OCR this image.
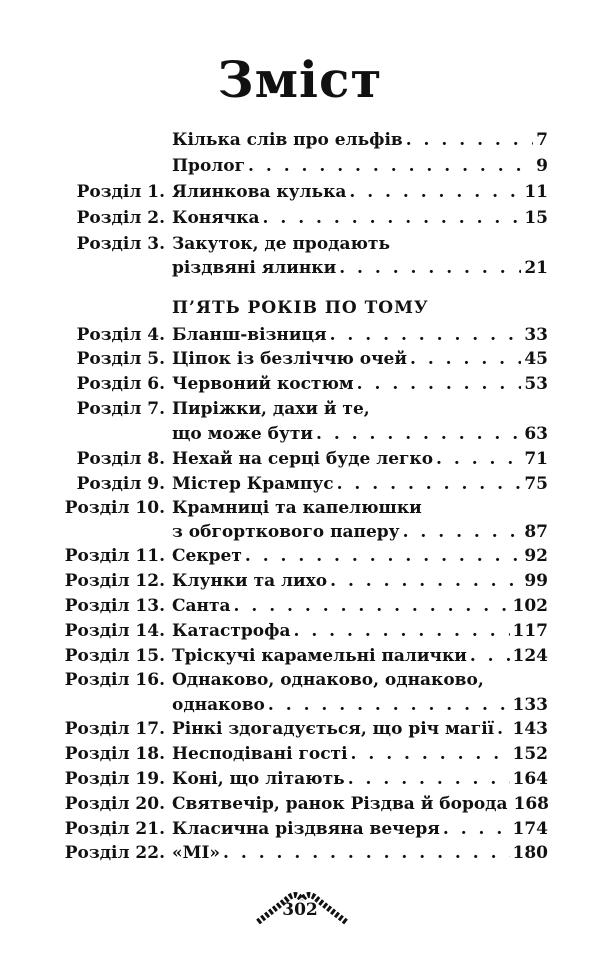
Зміст
Кілька слів про ельфів . . .	7
Пролог . . .	9
Розділ 1. Ялинкова кулька . . .	11
Розділ 2. Конячка . . .	15
Розділ 3. Закуток, де продають
різдвяні ялинки . . .	21
П’ЯТЬ РОКІВ ПО ТОМУ
Розділ 4. Бланш-візниця . . .	33
Розділ 5. Ціпок із безліччю очей . . .	45
Розділ 6. Червоний костюм . . .	53
Розділ 7. Пиріжки, дахи й те,
що може бути . . .	63
Розділ 8. Нехай на серці буде легко . . .	71
Розділ 9. Містер Крампус . . .	75
Розділ 10. Крамниці та капелюшки
з обгорткового паперу . . .	87
Розділ 11. Секрет . . .	92
Розділ 12. Клунки та лихо . . .	99
Розділ 13. Санта . . .	102
Розділ 14. Катастрофа . . .	117
Розділ 15. Тріскучі карамельні палички . . .	124
Розділ 16. Однаково, однаково, однаково,
однаково . . .	133
Розділ 17. Рінкі здогадується, що річ магії . . . 143
Розділ 18. Несподівані гості . . .	152
Розділ 19. Коні, що літають . . .	164
Розділ 20. Святвечір, ранок Різдва й борода 168
Розділ 21. Класична різдвяна вечеря . . .	174
Розділ 22. «МІ» . . .	180
302
